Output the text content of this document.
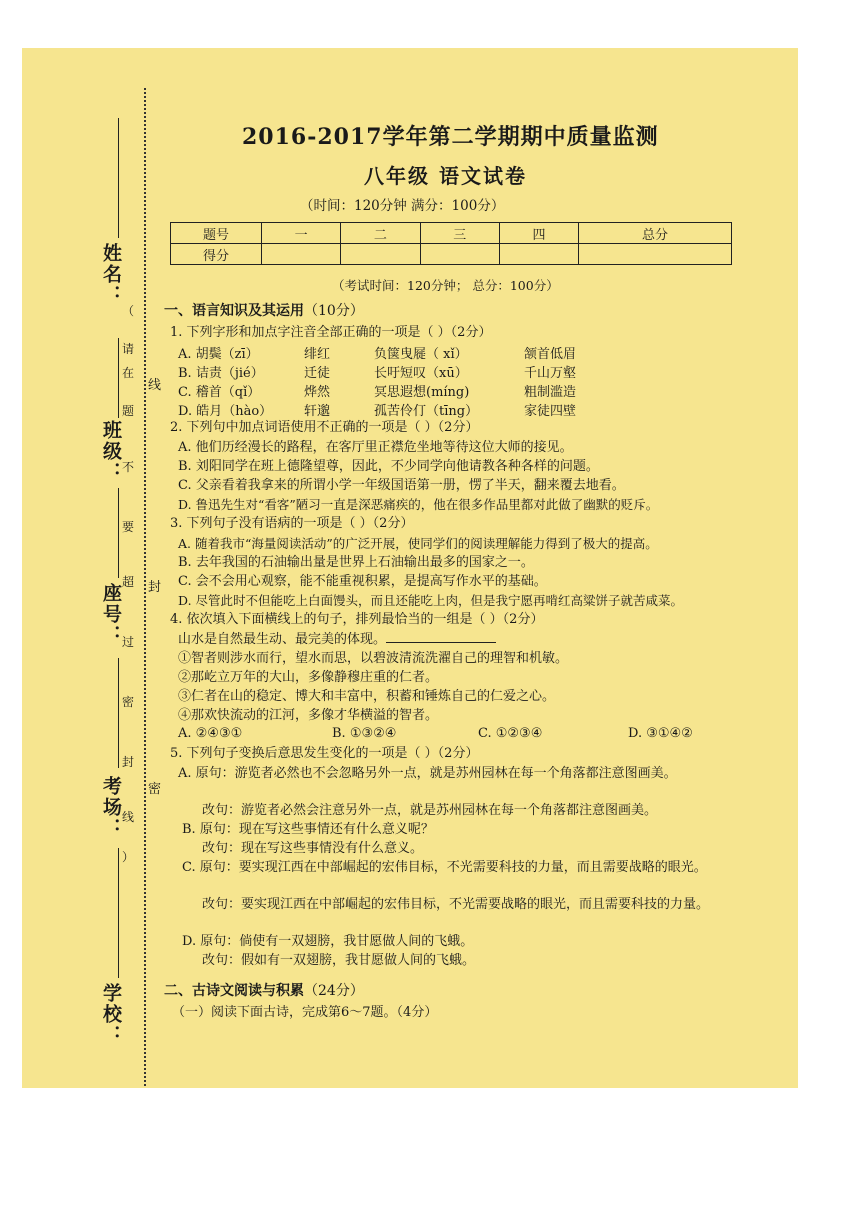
姓名：
班级：
座号：
考场：
学校：
（
请
在
题
不
要
超
过
密
封
线
）
线
封
密
2016-2017学年第二学期期中质量监测
八年级 语文试卷
（时间：120分钟 满分：100分）
题号	一	二	三	四	总分
得分					
（考试时间：120分钟； 总分：100分）
一、语言知识及其运用（10分）
1. 下列字形和加点字注音全部正确的一项是（ ）（2分）
A. 胡鬓（zī）	绯红	负箧曳屣（ xǐ）	颔首低眉
B. 诘责（jié）	迁徒	长吁短叹（xū）	千山万壑
C. 稽首（qǐ）	烨然	冥思遐想(míng)	粗制滥造
D. 皓月（hào） 轩邈	孤苦伶仃（tīng）	家徒四壁
2. 下列句中加点词语使用不正确的一项是（ ）（2分）
A. 他们历经漫长的路程，在客厅里正襟危坐地等待这位大师的接见。
B. 刘阳同学在班上德隆望尊，因此，不少同学向他请教各种各样的问题。
C. 父亲看着我拿来的所谓小学一年级国语第一册，愣了半天，翻来覆去地看。
D. 鲁迅先生对“看客”陋习一直是深恶痛疾的，他在很多作品里都对此做了幽默的贬斥。
3. 下列句子没有语病的一项是（ ）（2分）
A. 随着我市“海量阅读活动”的广泛开展，使同学们的阅读理解能力得到了极大的提高。
B. 去年我国的石油输出量是世界上石油输出最多的国家之一。
C. 会不会用心观察，能不能重视积累，是提高写作水平的基础。
D. 尽管此时不但能吃上白面馒头，而且还能吃上肉，但是我宁愿再啃红高粱饼子就苦咸菜。
4. 依次填入下面横线上的句子，排列最恰当的一组是（ ）（2分）
山水是自然最生动、最完美的体现。
①智者则涉水而行，望水而思，以碧波清流洗濯自己的理智和机敏。
②那屹立万年的大山，多像静穆庄重的仁者。
③仁者在山的稳定、博大和丰富中，积蓄和锤炼自己的仁爱之心。
④那欢快流动的江河，多像才华横溢的智者。
A. ②④③①	B. ①③②④	C. ①②③④	D. ③①④②
5. 下列句子变换后意思发生变化的一项是（ ）（2分）
A. 原句：游览者必然也不会忽略另外一点，就是苏州园林在每一个角落都注意图画美。
改句：游览者必然会注意另外一点，就是苏州园林在每一个角落都注意图画美。
B. 原句：现在写这些事情还有什么意义呢？
改句：现在写这些事情没有什么意义。
C. 原句：要实现江西在中部崛起的宏伟目标，不光需要科技的力量，而且需要战略的眼光。
改句：要实现江西在中部崛起的宏伟目标，不光需要战略的眼光，而且需要科技的力量。
D. 原句：倘使有一双翅膀，我甘愿做人间的飞蛾。
改句：假如有一双翅膀，我甘愿做人间的飞蛾。
二、古诗文阅读与积累（24分）
（一）阅读下面古诗，完成第6～7题。（4分）
